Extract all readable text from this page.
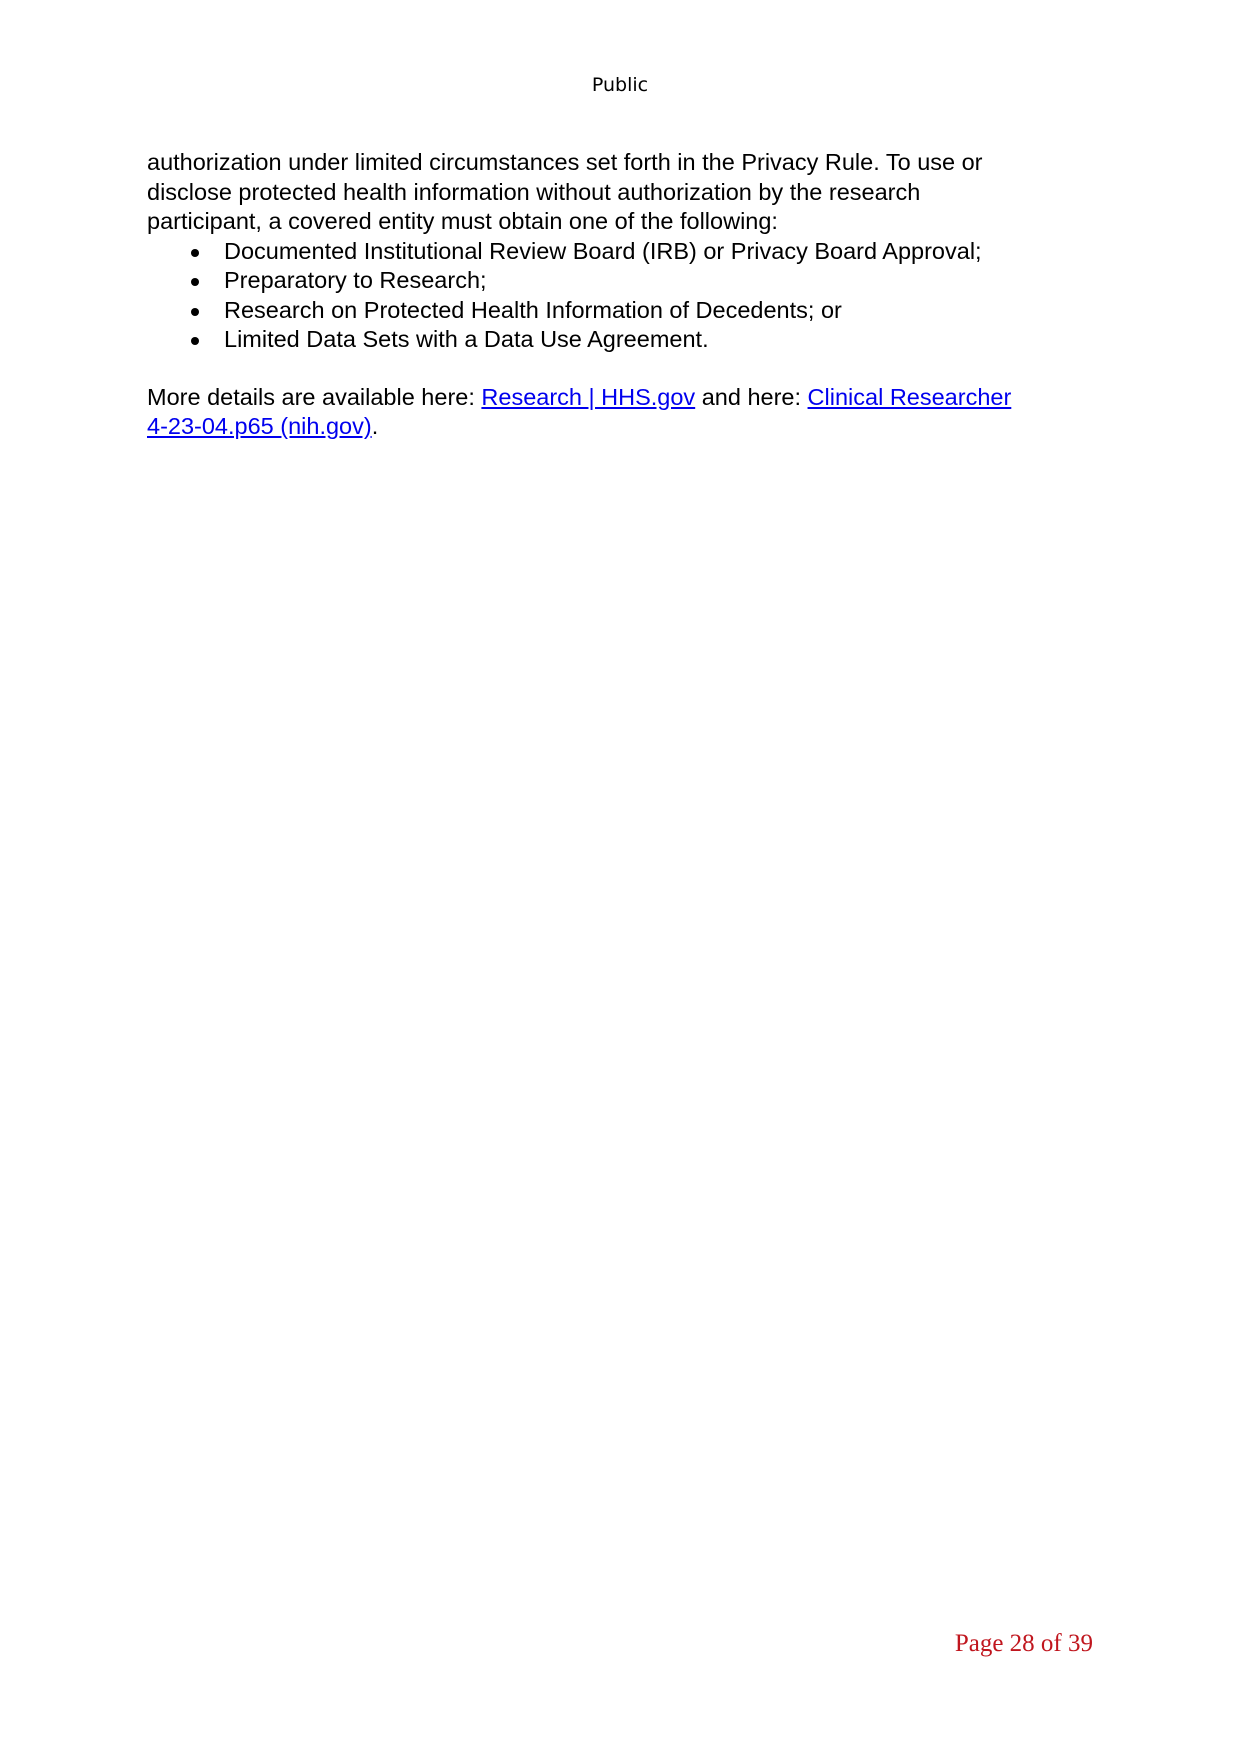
Public

authorization under limited circumstances set forth in the Privacy Rule. To use or
disclose protected health information without authorization by the research
participant, a covered entity must obtain one of the following:

Documented Institutional Review Board (IRB) or Privacy Board Approval;
Preparatory to Research;
Research on Protected Health Information of Decedents; or
Limited Data Sets with a Data Use Agreement.

More details are available here: Research | HHS.gov and here: Clinical Researcher
4-23-04.p65 (nih.gov).

Page 28 of 39
